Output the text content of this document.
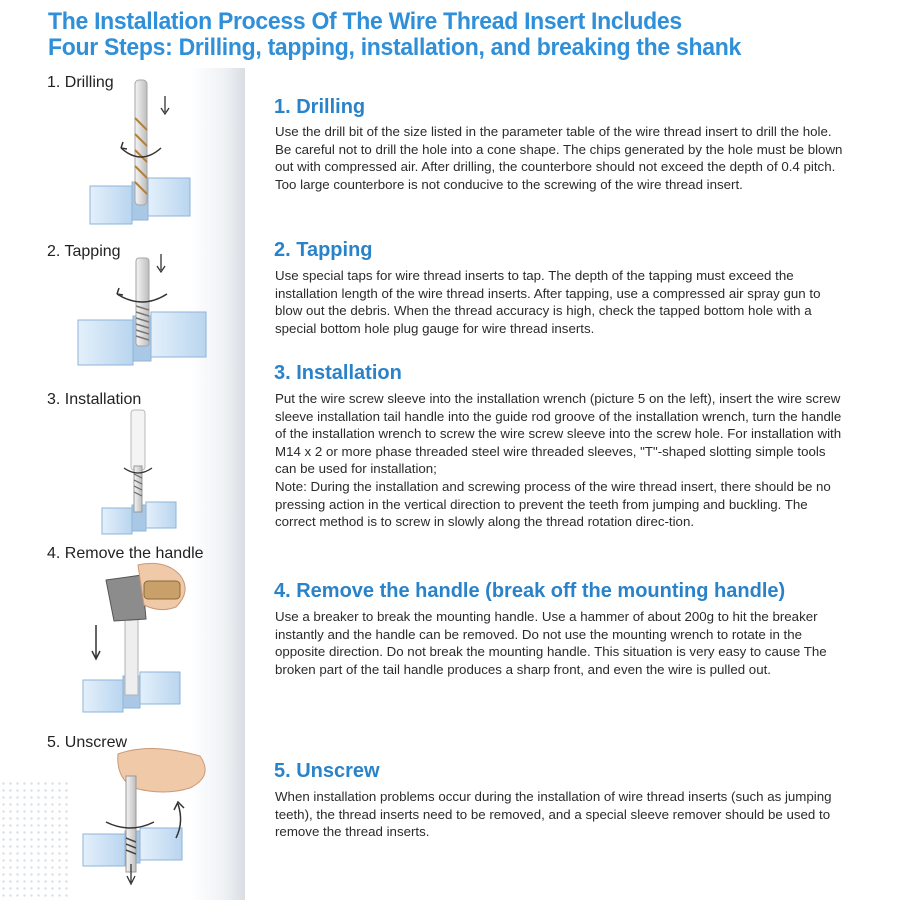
The Installation Process Of The Wire Thread Insert Includes
Four Steps: Drilling, tapping, installation, and breaking the shank
1. Drilling
2. Tapping
3. Installation
4. Remove the handle
5. Unscrew
1. Drilling

Use the drill bit of the size listed in the parameter table of the wire thread insert to drill the hole. Be careful not to drill the hole into a cone shape. The chips generated by the hole must be blown out with compressed air. After drilling, the counterbore should not exceed the depth of 0.4 pitch. Too large counterbore is not conducive to the screwing of the wire thread insert.

2. Tapping

Use special taps for wire thread inserts to tap. The depth of the tapping must exceed the installation length of the wire thread inserts. After tapping, use a compressed air spray gun to blow out the debris. When the thread accuracy is high, check the tapped bottom hole with a special bottom hole plug gauge for wire thread inserts.

3. Installation

Put the wire screw sleeve into the installation wrench (picture 5 on the left), insert the wire screw sleeve installation tail handle into the guide rod groove of the installation wrench, turn the handle of the installation wrench to screw the wire screw sleeve into the screw hole. For installation with M14 x 2 or more phase threaded steel wire threaded sleeves, "T"-shaped slotting simple tools can be used for installation;

Note: During the installation and screwing process of the wire thread insert, there should be no pressing action in the vertical direction to prevent the teeth from jumping and buckling. The correct method is to screw in slowly along the thread rotation direc-tion.

4. Remove the handle (break off the mounting handle)

Use a breaker to break the mounting handle. Use a hammer of about 200g to hit the breaker instantly and the handle can be removed. Do not use the mounting wrench to rotate in the opposite direction. Do not break the mounting handle. This situation is very easy to cause The broken part of the tail handle produces a sharp front, and even the wire is pulled out.

5. Unscrew

When installation problems occur during the installation of wire thread inserts (such as jumping teeth), the thread inserts need to be removed, and a special sleeve remover should be used to remove the thread inserts.
